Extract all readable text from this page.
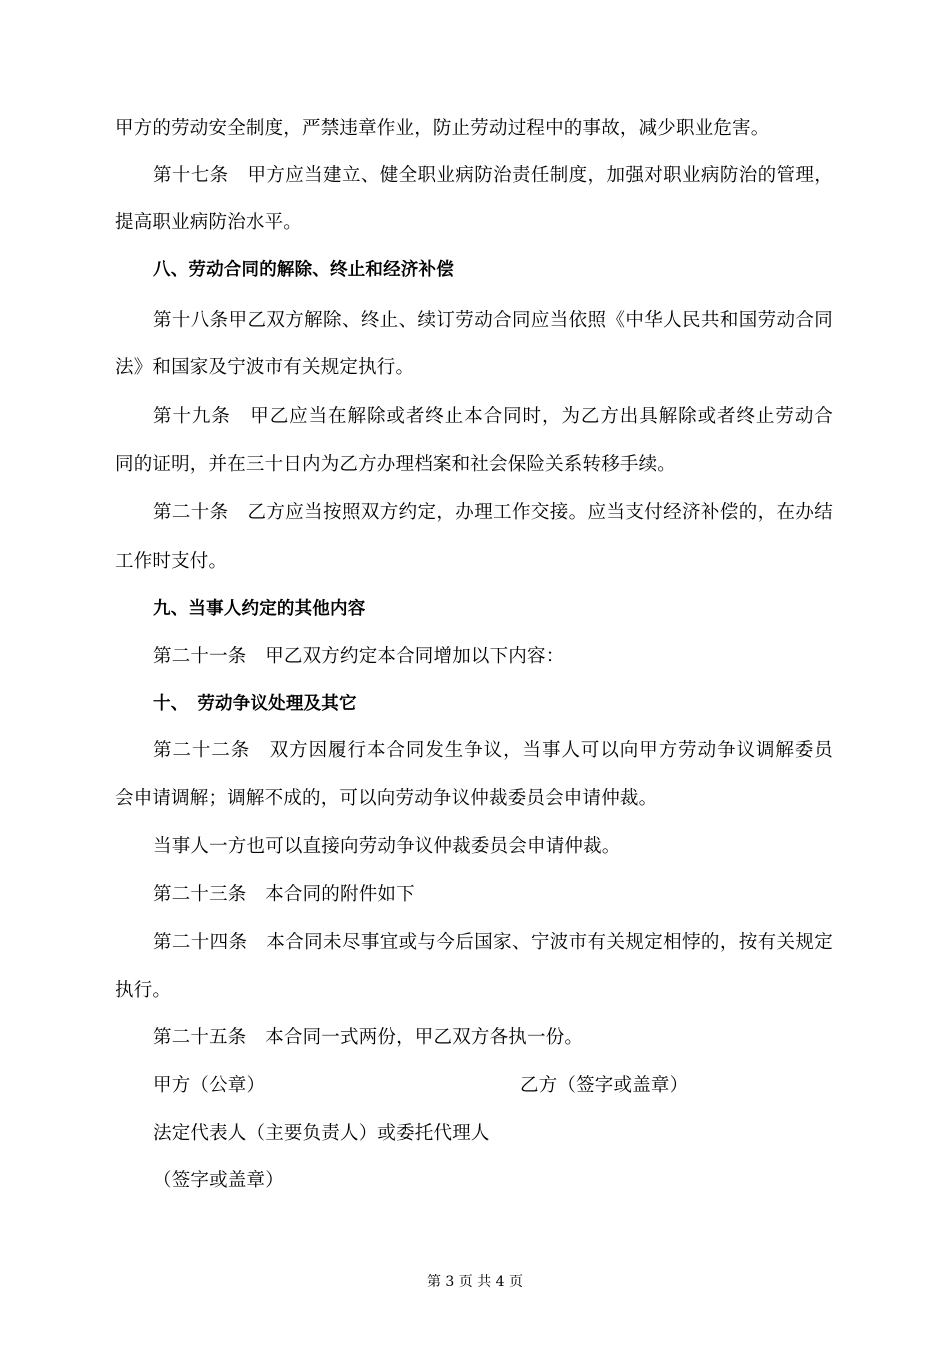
甲方的劳动安全制度，严禁违章作业，防止劳动过程中的事故，减少职业危害。
第十七条　甲方应当建立、健全职业病防治责任制度，加强对职业病防治的管理，
提高职业病防治水平。
八、劳动合同的解除、终止和经济补偿
第十八条甲乙双方解除、终止、续订劳动合同应当依照《中华人民共和国劳动合同
法》和国家及宁波市有关规定执行。
第十九条　甲乙应当在解除或者终止本合同时，为乙方出具解除或者终止劳动合
同的证明，并在三十日内为乙方办理档案和社会保险关系转移手续。
第二十条　乙方应当按照双方约定，办理工作交接。应当支付经济补偿的，在办结
工作时支付。
九、当事人约定的其他内容
第二十一条　甲乙双方约定本合同增加以下内容：
十、　劳动争议处理及其它
第二十二条　双方因履行本合同发生争议，当事人可以向甲方劳动争议调解委员
会申请调解；调解不成的，可以向劳动争议仲裁委员会申请仲裁。
当事人一方也可以直接向劳动争议仲裁委员会申请仲裁。
第二十三条　本合同的附件如下
第二十四条　本合同未尽事宜或与今后国家、宁波市有关规定相悖的，按有关规定
执行。
第二十五条　本合同一式两份，甲乙双方各执一份。
甲方（公章）	乙方（签字或盖章）
法定代表人（主要负责人）或委托代理人
（签字或盖章）
第 3 页 共 4 页
